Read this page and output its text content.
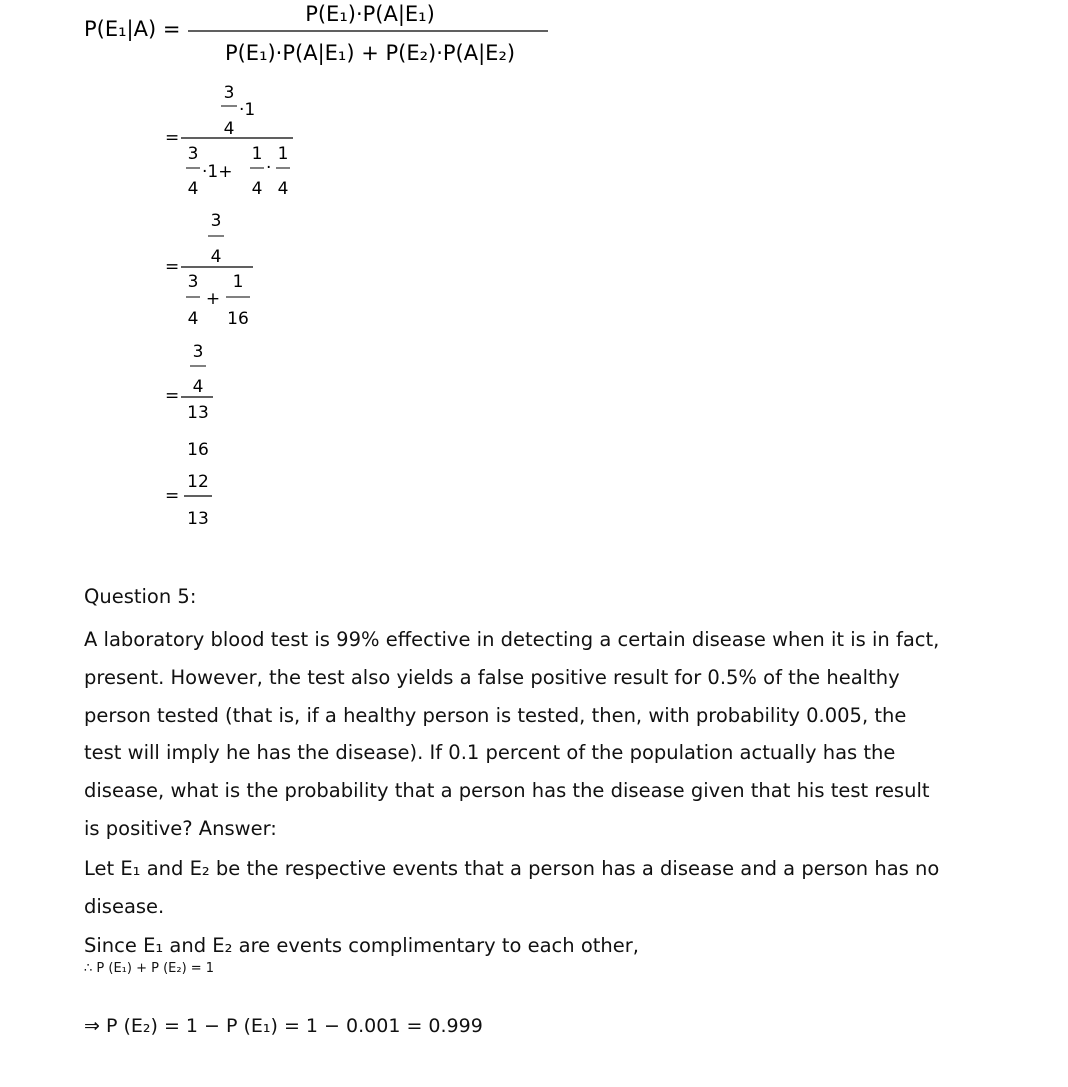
P(E₁|A) =
P(E₁)·P(A|E₁)
P(E₁)·P(A|E₁) + P(E₂)·P(A|E₂)
=
3
4
·1
3
4
·1+
1
4
·
1
4
=
3
4
3
4
+
1
16
=
3
4
13
16
=
12
13

Question 5:

A laboratory blood test is 99% effective in detecting a certain disease when it is in fact,

present. However, the test also yields a false positive result for 0.5% of the healthy

person tested (that is, if a healthy person is tested, then, with probability 0.005, the

test will imply he has the disease). If 0.1 percent of the population actually has the

disease, what is the probability that a person has the disease given that his test result

is positive? Answer:

Let E₁ and E₂ be the respective events that a person has a disease and a person has no

disease.

Since E₁ and E₂ are events complimentary to each other,

∴ P (E₁) + P (E₂) = 1

⇒ P (E₂) = 1 − P (E₁) = 1 − 0.001 = 0.999
